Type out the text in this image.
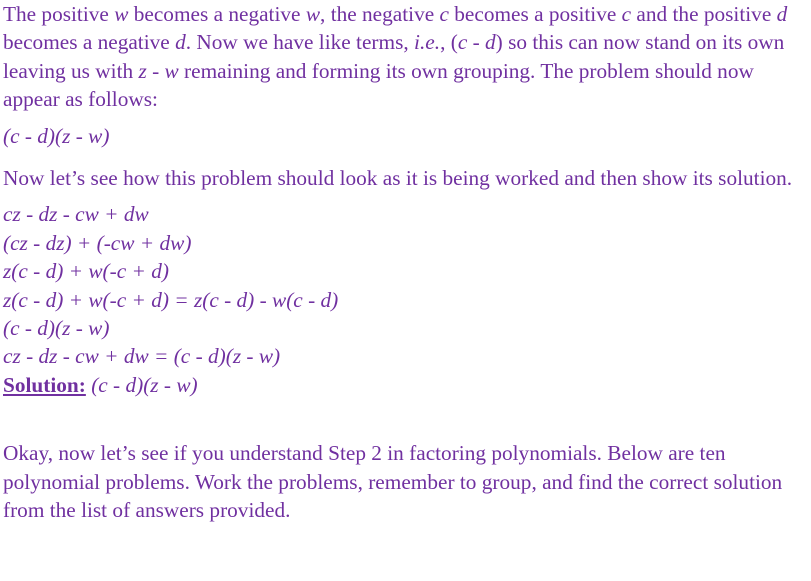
The positive w becomes a negative w, the negative c becomes a positive c and the positive d becomes a negative d. Now we have like terms, i.e., (c - d) so this can now stand on its own leaving us with z - w remaining and forming its own grouping. The problem should now appear as follows:

(c - d)(z - w)

Now let’s see how this problem should look as it is being worked and then show its solution.

cz - dz - cw + dw

(cz - dz) + (-cw + dw)

z(c - d) + w(-c + d)

z(c - d) + w(-c + d) = z(c - d) - w(c - d)

(c - d)(z - w)

cz - dz - cw + dw = (c - d)(z - w)

Solution: (c - d)(z - w)

Okay, now let’s see if you understand Step 2 in factoring polynomials. Below are ten polynomial problems. Work the problems, remember to group, and find the correct solution from the list of answers provided.
